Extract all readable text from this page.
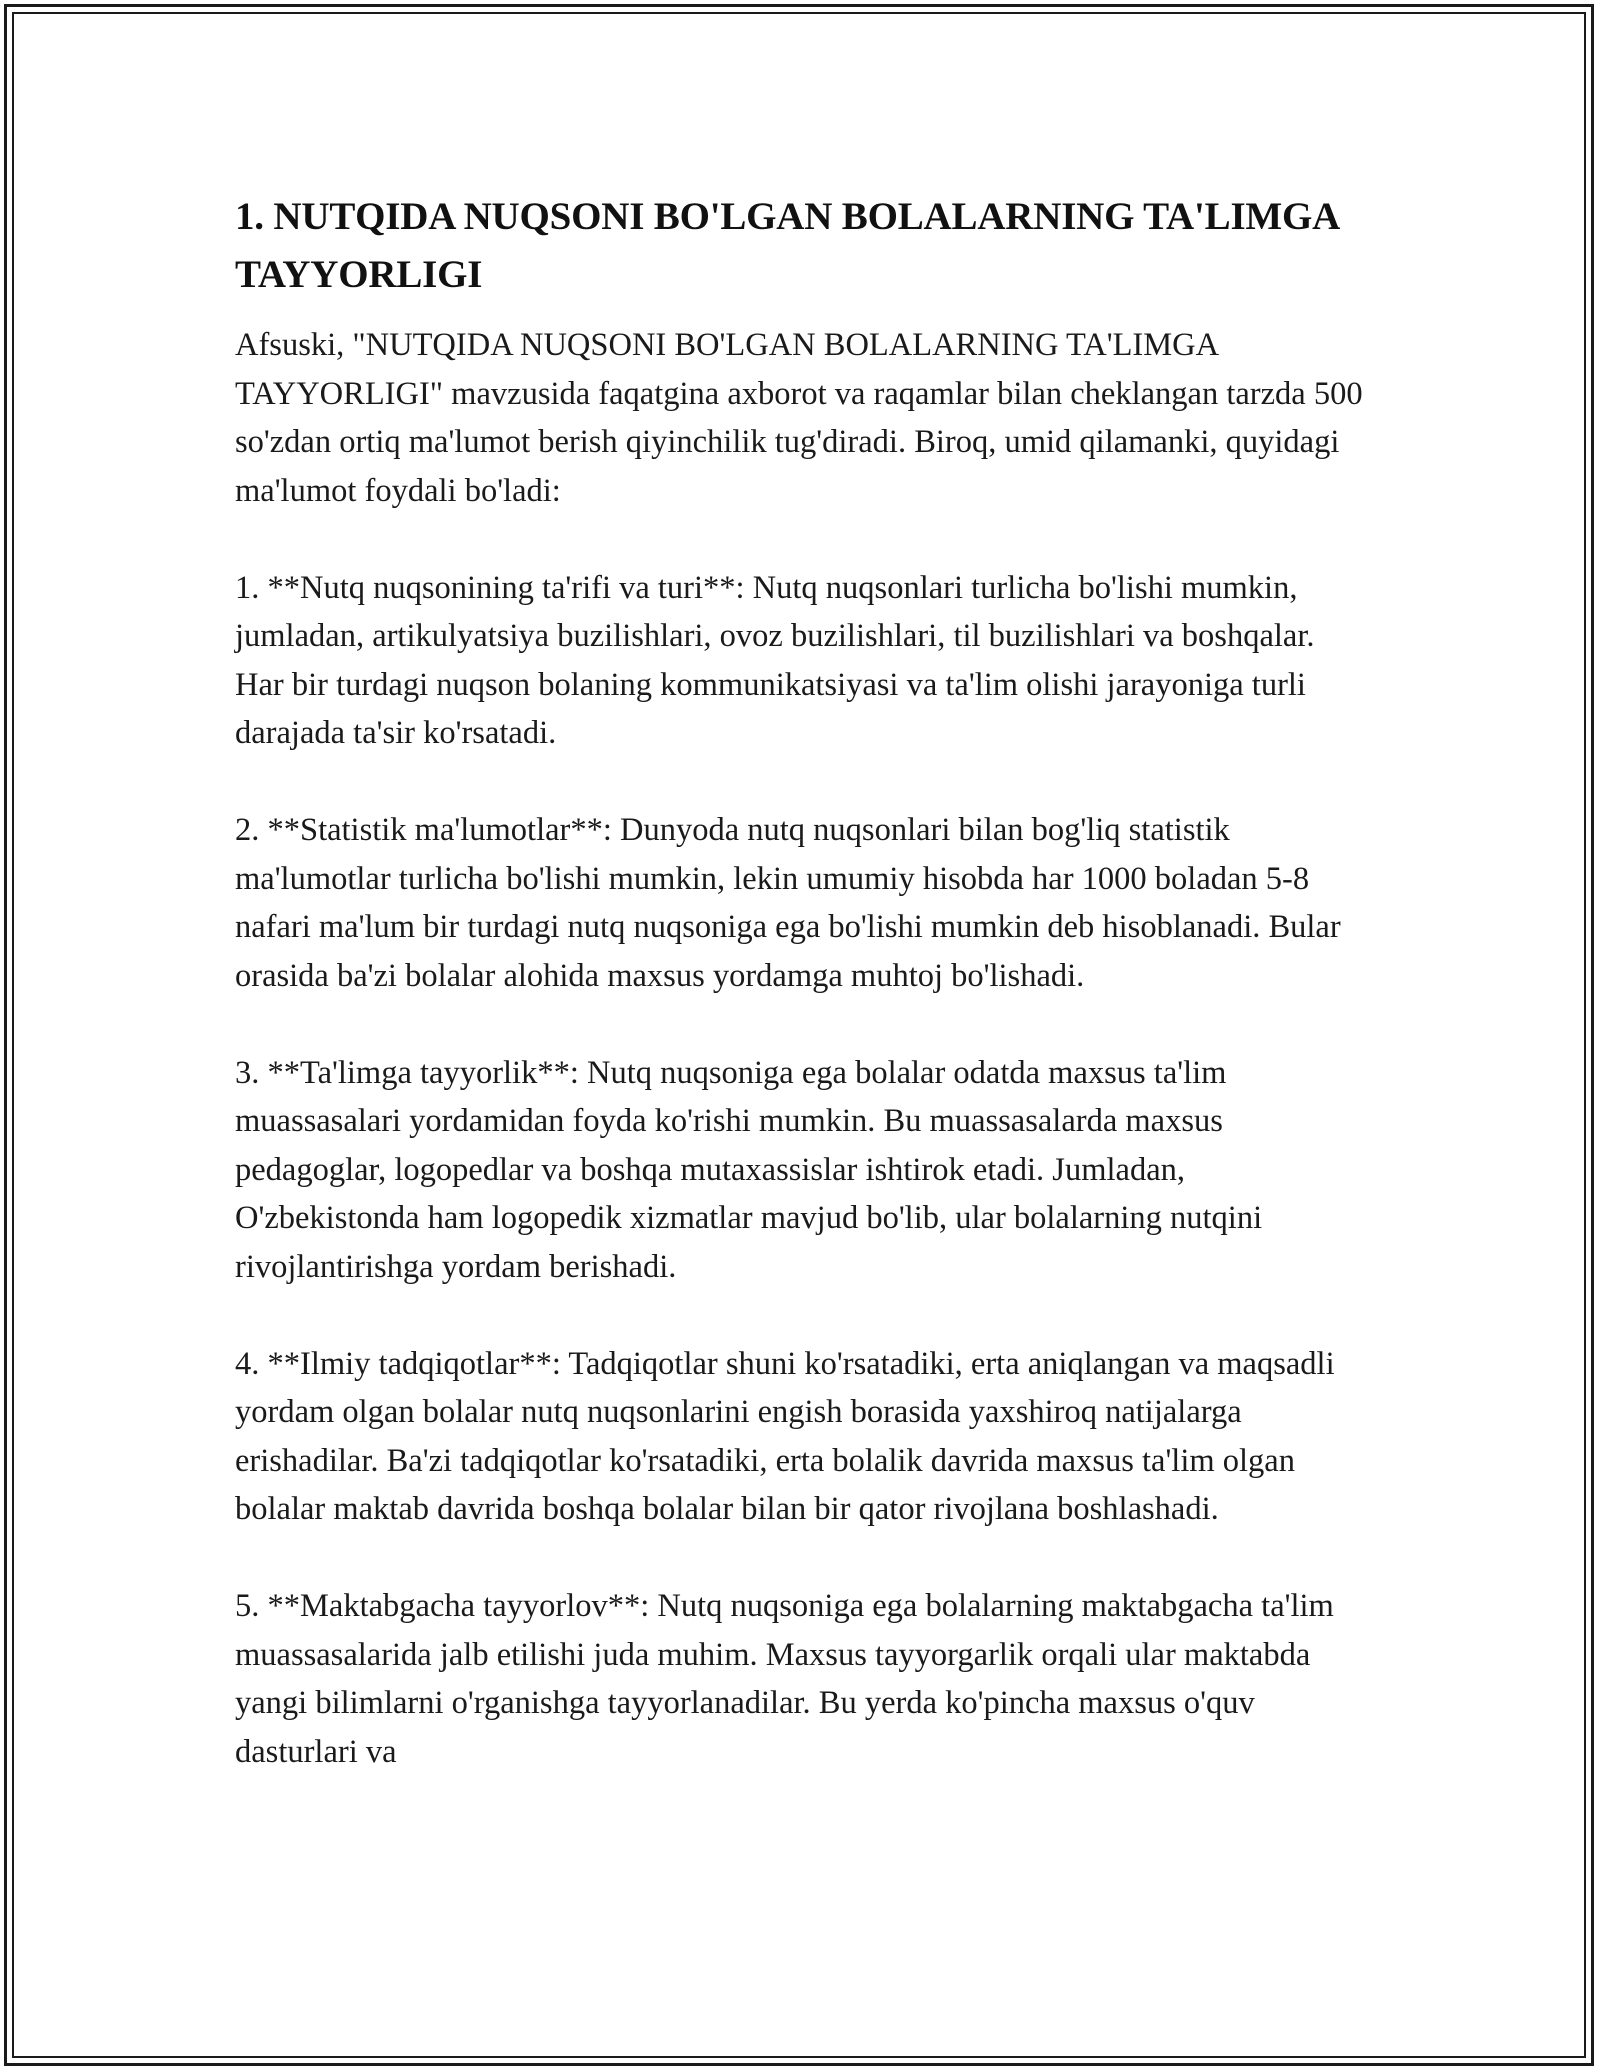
1. NUTQIDA NUQSONI BO'LGAN BOLALARNING TA'LIMGA TAYYORLIGI

Afsuski, "NUTQIDA NUQSONI BO'LGAN BOLALARNING TA'LIMGA TAYYORLIGI" mavzusida faqatgina axborot va raqamlar bilan cheklangan tarzda 500 so'zdan ortiq ma'lumot berish qiyinchilik tug'diradi. Biroq, umid qilamanki, quyidagi ma'lumot foydali bo'ladi:

1. **Nutq nuqsonining ta'rifi va turi**: Nutq nuqsonlari turlicha bo'lishi mumkin, jumladan, artikulyatsiya buzilishlari, ovoz buzilishlari, til buzilishlari va boshqalar. Har bir turdagi nuqson bolaning kommunikatsiyasi va ta'lim olishi jarayoniga turli darajada ta'sir ko'rsatadi.

2. **Statistik ma'lumotlar**: Dunyoda nutq nuqsonlari bilan bog'liq statistik ma'lumotlar turlicha bo'lishi mumkin, lekin umumiy hisobda har 1000 boladan 5-8 nafari ma'lum bir turdagi nutq nuqsoniga ega bo'lishi mumkin deb hisoblanadi. Bular orasida ba'zi bolalar alohida maxsus yordamga muhtoj bo'lishadi.

3. **Ta'limga tayyorlik**: Nutq nuqsoniga ega bolalar odatda maxsus ta'lim muassasalari yordamidan foyda ko'rishi mumkin. Bu muassasalarda maxsus pedagoglar, logopedlar va boshqa mutaxassislar ishtirok etadi. Jumladan, O'zbekistonda ham logopedik xizmatlar mavjud bo'lib, ular bolalarning nutqini rivojlantirishga yordam berishadi.

4. **Ilmiy tadqiqotlar**: Tadqiqotlar shuni ko'rsatadiki, erta aniqlangan va maqsadli yordam olgan bolalar nutq nuqsonlarini engish borasida yaxshiroq natijalarga erishadilar. Ba'zi tadqiqotlar ko'rsatadiki, erta bolalik davrida maxsus ta'lim olgan bolalar maktab davrida boshqa bolalar bilan bir qator rivojlana boshlashadi.

5. **Maktabgacha tayyorlov**: Nutq nuqsoniga ega bolalarning maktabgacha ta'lim muassasalarida jalb etilishi juda muhim. Maxsus tayyorgarlik orqali ular maktabda yangi bilimlarni o'rganishga tayyorlanadilar. Bu yerda ko'pincha maxsus o'quv dasturlari va
